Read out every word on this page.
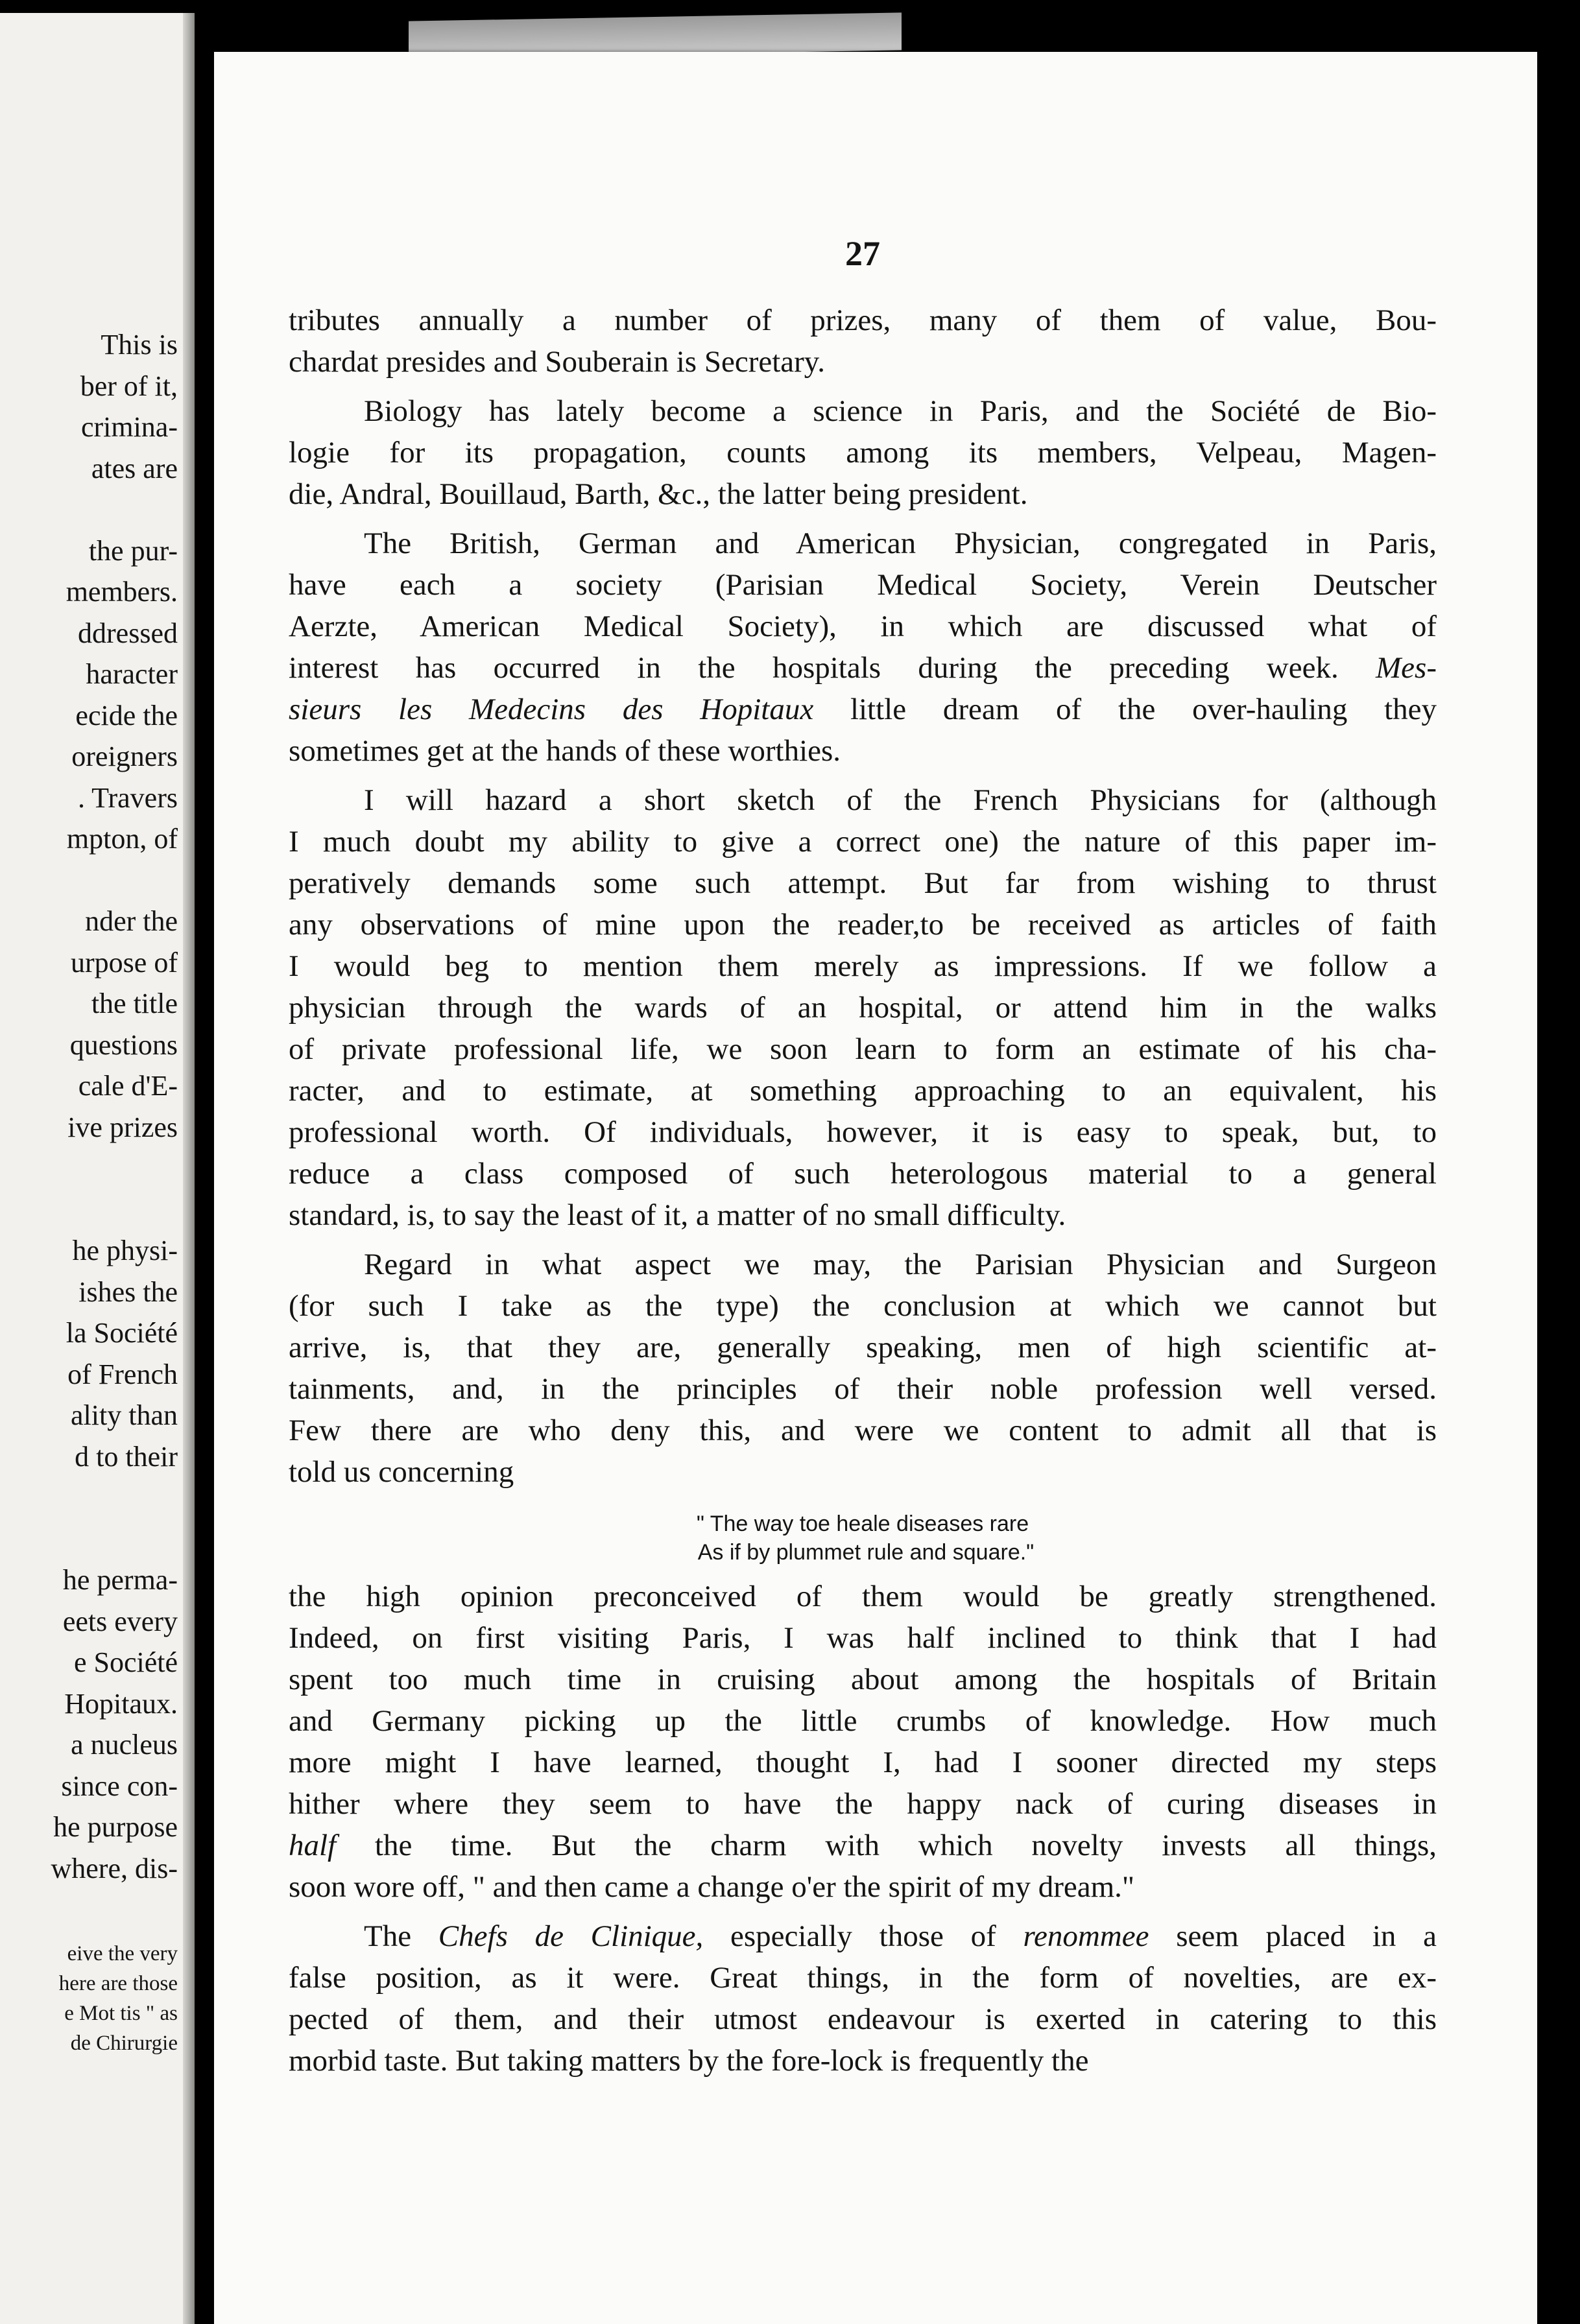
This is
ber of it,
crimina-
ates are
the pur-
members.
ddressed
haracter
ecide the
oreigners
. Travers
mpton, of
nder the
urpose of
the title
questions
cale d'E-
ive prizes
he physi-
ishes the
la Société
of French
ality than
d to their
he perma-
eets every
e Société
Hopitaux.
a nucleus
since con-
he purpose
where, dis-
eive the very
here are those
e Mot tis " as
de Chirurgie
27
tributes annually a number of prizes, many of them of value, Bou-
chardat presides and Souberain is Secretary.
Biology has lately become a science in Paris, and the Société de Bio-
logie for its propagation, counts among its members, Velpeau, Magen-
die, Andral, Bouillaud, Barth, &c., the latter being president.
The British, German and American Physician, congregated in Paris,
have each a society (Parisian Medical Society, Verein Deutscher
Aerzte, American Medical Society), in which are discussed what of
interest has occurred in the hospitals during the preceding week. Mes-
sieurs les Medecins des Hopitaux little dream of the over-hauling they
sometimes get at the hands of these worthies.
I will hazard a short sketch of the French Physicians for (although
I much doubt my ability to give a correct one) the nature of this paper im-
peratively demands some such attempt. But far from wishing to thrust
any observations of mine upon the reader,to be received as articles of faith
I would beg to mention them merely as impressions. If we follow a
physician through the wards of an hospital, or attend him in the walks
of private professional life, we soon learn to form an estimate of his cha-
racter, and to estimate, at something approaching to an equivalent, his
professional worth. Of individuals, however, it is easy to speak, but, to
reduce a class composed of such heterologous material to a general
standard, is, to say the least of it, a matter of no small difficulty.
Regard in what aspect we may, the Parisian Physician and Surgeon
(for such I take as the type) the conclusion at which we cannot but
arrive, is, that they are, generally speaking, men of high scientific at-
tainments, and, in the principles of their noble profession well versed.
Few there are who deny this, and were we content to admit all that is
told us concerning
" The way toe heale diseases rare
As if by plummet rule and square."
the high opinion preconceived of them would be greatly strengthened.
Indeed, on first visiting Paris, I was half inclined to think that I had
spent too much time in cruising about among the hospitals of Britain
and Germany picking up the little crumbs of knowledge. How much
more might I have learned, thought I, had I sooner directed my steps
hither where they seem to have the happy nack of curing diseases in
half the time. But the charm with which novelty invests all things,
soon wore off, " and then came a change o'er the spirit of my dream."
The Chefs de Clinique, especially those of renommee seem placed in a
false position, as it were. Great things, in the form of novelties, are ex-
pected of them, and their utmost endeavour is exerted in catering to this
morbid taste. But taking matters by the fore-lock is frequently the
